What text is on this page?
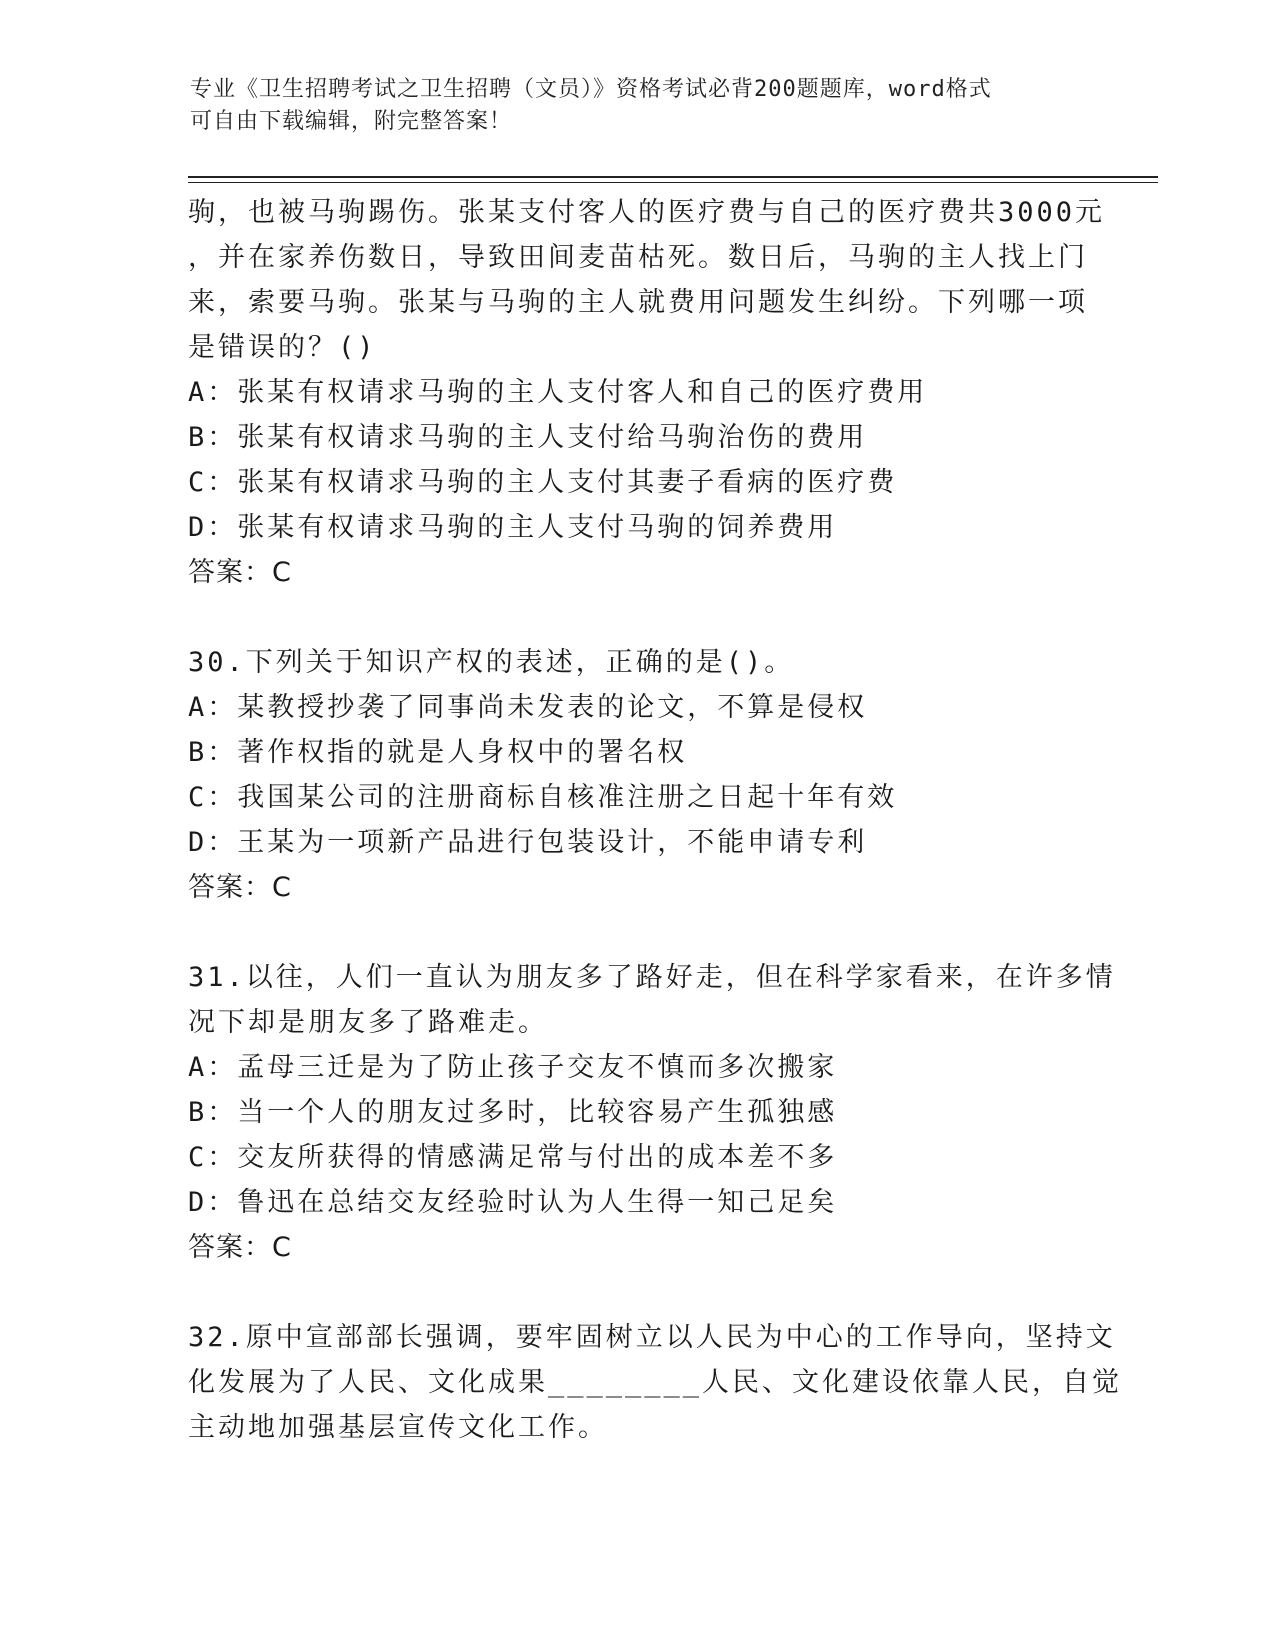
专业《卫生招聘考试之卫生招聘（文员）》资格考试必背200题题库，word格式
可自由下载编辑，附完整答案！
驹，也被马驹踢伤。张某支付客人的医疗费与自己的医疗费共3000元
，并在家养伤数日，导致田间麦苗枯死。数日后，马驹的主人找上门
来，索要马驹。张某与马驹的主人就费用问题发生纠纷。下列哪一项
是错误的？()
A：张某有权请求马驹的主人支付客人和自己的医疗费用
B：张某有权请求马驹的主人支付给马驹治伤的费用
C：张某有权请求马驹的主人支付其妻子看病的医疗费
D：张某有权请求马驹的主人支付马驹的饲养费用
答案：C
30.下列关于知识产权的表述，正确的是()。
A：某教授抄袭了同事尚未发表的论文，不算是侵权
B：著作权指的就是人身权中的署名权
C：我国某公司的注册商标自核准注册之日起十年有效
D：王某为一项新产品进行包装设计，不能申请专利
答案：C
31.以往，人们一直认为朋友多了路好走，但在科学家看来，在许多情
况下却是朋友多了路难走。
A：孟母三迁是为了防止孩子交友不慎而多次搬家
B：当一个人的朋友过多时，比较容易产生孤独感
C：交友所获得的情感满足常与付出的成本差不多
D：鲁迅在总结交友经验时认为人生得一知己足矣
答案：C
32.原中宣部部长强调，要牢固树立以人民为中心的工作导向，坚持文
化发展为了人民、文化成果________人民、文化建设依靠人民，自觉
主动地加强基层宣传文化工作。
